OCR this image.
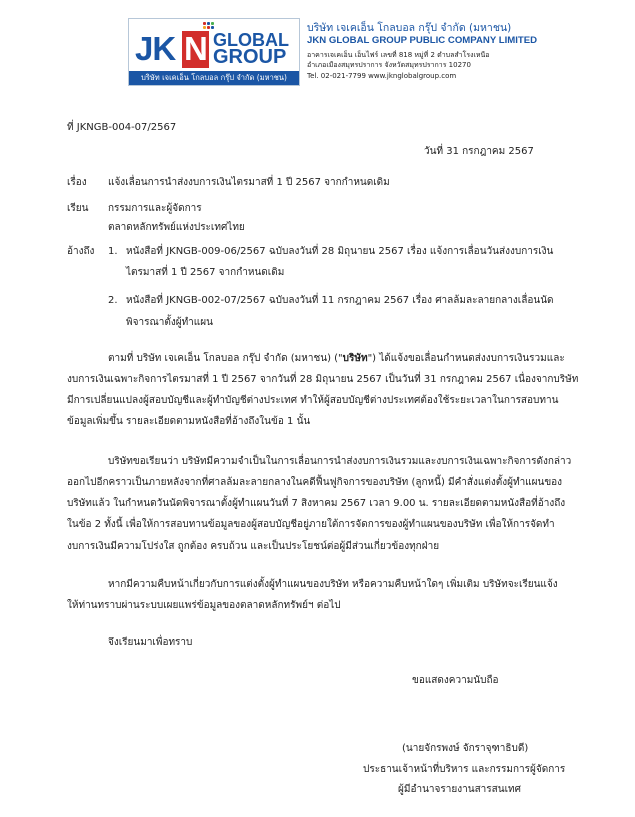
JK N GLOBAL
GROUP
บริษัท เจเคเอ็น โกลบอล กรุ๊ป จำกัด (มหาชน)
บริษัท เจเคเอ็น โกลบอล กรุ๊ป จำกัด (มหาชน)
JKN GLOBAL GROUP PUBLIC COMPANY LIMITED
อาคารเจเคเอ็น เอ็นไฟร์ เลขที่ 818 หมู่ที่ 2 ตำบลสำโรงเหนือ
อำเภอเมืองสมุทรปราการ จังหวัดสมุทรปราการ 10270
Tel. 02-021-7799 www.jknglobalgroup.com
ที่ JKNGB-004-07/2567
วันที่ 31 กรกฎาคม 2567
เรื่อง แจ้งเลื่อนการนำส่งงบการเงินไตรมาสที่ 1 ปี 2567 จากกำหนดเดิม
เรียน กรรมการและผู้จัดการ
ตลาดหลักทรัพย์แห่งประเทศไทย
อ้างถึง 1. หนังสือที่ JKNGB-009-06/2567 ฉบับลงวันที่ 28 มิถุนายน 2567 เรื่อง แจ้งการเลื่อนวันส่งงบการเงิน
ไตรมาสที่ 1 ปี 2567 จากกำหนดเดิม
2. หนังสือที่ JKNGB-002-07/2567 ฉบับลงวันที่ 11 กรกฎาคม 2567 เรื่อง ศาลล้มละลายกลางเลื่อนนัด
พิจารณาตั้งผู้ทำแผน
ตามที่ บริษัท เจเคเอ็น โกลบอล กรุ๊ป จำกัด (มหาชน) ("บริษัท") ได้แจ้งขอเลื่อนกำหนดส่งงบการเงินรวมและ
งบการเงินเฉพาะกิจการไตรมาสที่ 1 ปี 2567 จากวันที่ 28 มิถุนายน 2567 เป็นวันที่ 31 กรกฎาคม 2567 เนื่องจากบริษัท
มีการเปลี่ยนแปลงผู้สอบบัญชีและผู้ทำบัญชีต่างประเทศ ทำให้ผู้สอบบัญชีต่างประเทศต้องใช้ระยะเวลาในการสอบทาน
ข้อมูลเพิ่มขึ้น รายละเอียดตามหนังสือที่อ้างถึงในข้อ 1 นั้น
บริษัทขอเรียนว่า บริษัทมีความจำเป็นในการเลื่อนการนำส่งงบการเงินรวมและงบการเงินเฉพาะกิจการดังกล่าว
ออกไปอีกคราวเป็นภายหลังจากที่ศาลล้มละลายกลางในคดีฟื้นฟูกิจการของบริษัท (ลูกหนี้) มีคำสั่งแต่งตั้งผู้ทำแผนของ
บริษัทแล้ว ในกำหนดวันนัดพิจารณาตั้งผู้ทำแผนวันที่ 7 สิงหาคม 2567 เวลา 9.00 น. รายละเอียดตามหนังสือที่อ้างถึง
ในข้อ 2 ทั้งนี้ เพื่อให้การสอบทานข้อมูลของผู้สอบบัญชีอยู่ภายใต้การจัดการของผู้ทำแผนของบริษัท เพื่อให้การจัดทำ
งบการเงินมีความโปร่งใส ถูกต้อง ครบถ้วน และเป็นประโยชน์ต่อผู้มีส่วนเกี่ยวข้องทุกฝ่าย
หากมีความคืบหน้าเกี่ยวกับการแต่งตั้งผู้ทำแผนของบริษัท หรือความคืบหน้าใดๆ เพิ่มเติม บริษัทจะเรียนแจ้ง
ให้ท่านทราบผ่านระบบเผยแพร่ข้อมูลของตลาดหลักทรัพย์ฯ ต่อไป
จึงเรียนมาเพื่อทราบ
ขอแสดงความนับถือ
(นายจักรพงษ์ จักราจุฑาธิบดี)
ประธานเจ้าหน้าที่บริหาร และกรรมการผู้จัดการ
ผู้มีอำนาจรายงานสารสนเทศ
